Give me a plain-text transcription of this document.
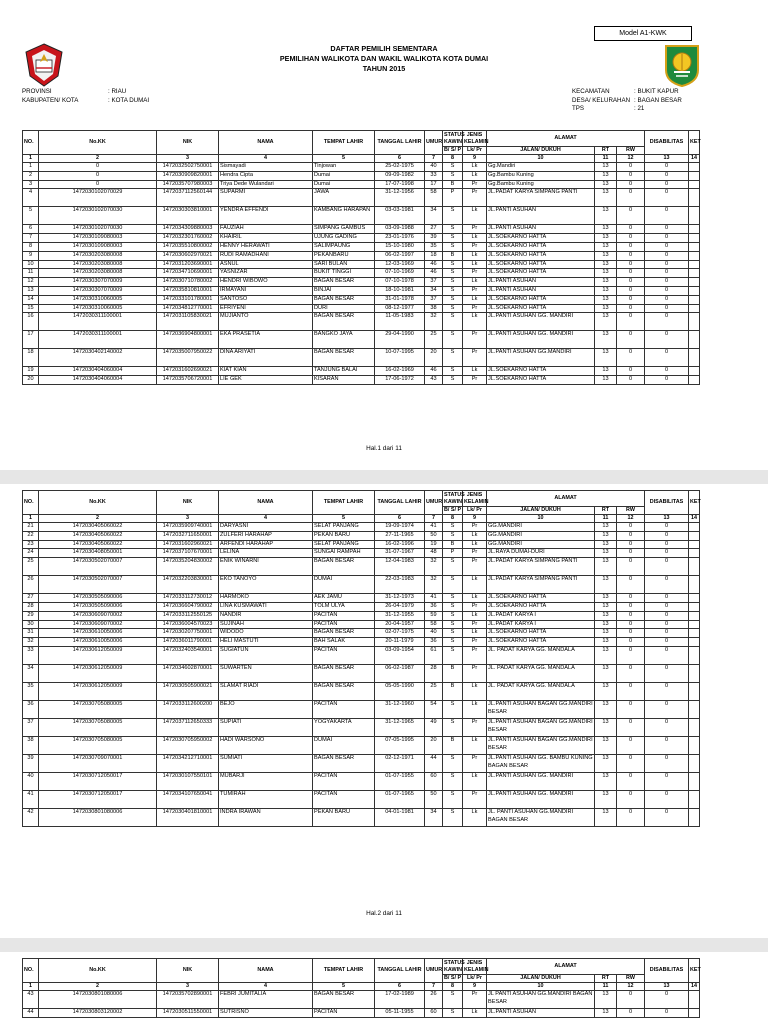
Model A1-KWK
DAFTAR PEMILIH SEMENTARA
PEMILIHAN WALIKOTA DAN WAKIL WALIKOTA KOTA DUMAI
TAHUN 2015
PROVINSI	: RIAU
KABUPATEN/ KOTA	: KOTA DUMAI
KECAMATAN	: BUKIT KAPUR
DESA/ KELURAHAN : BAGAN BESAR
TPS	: 21
NO.	No.KK	NIK	NAMA	TEMPAT LAHIR	TANGGAL LAHIR	UMUR	STATUS KAWIN	JENIS KELAMIN	ALAMAT			DISABILITAS	KET
							B/ S/ P	Lk/ Pr	JALAN/ DUKUH	RT	RW		
1	2	3	4	5	6	7	8	9	10	11	12	13	14
1	0	1472032502750001	Sismayadi	Tinjowan	25-02-1975	40	S	Lk	Gg.Mandiri	13	0	0	
2	0	1472030909820001	Hendra Cipta	Dumai	09-09-1982	33	S	Lk	Gg.Bambu Kuning	13	0	0	
3	0	1472035707980003	Triya Dede Wulandari	Dumai	17-07-1998	17	B	Pr	Gg.Bambu Kuning	13	0	0	
4	1472030102070029	1472037112560144	SUPARMI	JAWA	31-12-1956	58	P	Pr	JL.PADAT KARYA SIMPANG PANTI	13	0	0	
5	1472030102070030	1472030303810001	YENDRA EFFENDI	KAMBANG HARAPAN	03-03-1981	34	S	Lk	JL.PANTI ASUHAN	13	0	0	
6	1472030102070030	1472034309880003	FAUZIAH	SIMPANG GAMBUS	03-09-1988	27	S	Pr	JL.PANTI ASUHAN	13	0	0	
7	1472030109080003	1472032301760002	KHAIRIL	UJUNG GADING	23-01-1976	39	S	Lk	JL.SOEKARNO HATTA	13	0	0	
8	1472030109080003	1472035510800002	HENNY HERAWATI	SALIMPAUNG	15-10-1980	35	S	Pr	JL.SOEKARNO HATTA	13	0	0	
9	1472030203080008	1472030602970021	RUDI RAMADHANI	PEKANBARU	06-02-1997	18	B	Lk	JL.SOEKARNO HATTA	13	0	0	
10	1472030203080008	1472031203690001	ASNUL	SARI BULAN	12-03-1969	46	S	Lk	JL.SOEKARNO HATTA	13	0	0	
11	1472030203080008	1472034710690001	YASNIZAR	BUKIT TINGGI	07-10-1969	46	S	Pr	JL.SOEKARNO HATTA	13	0	0	
12	1472030307070009	1472030710780002	HENDRI WIBOWO	BAGAN BESAR	07-10-1978	37	S	Lk	JL.PANTI ASUHAN	13	0	0	
13	1472030307070009	1472035810810001	IRMAYANI	BINJAI	18-10-1981	34	S	Pr	JL.PANTI ASUHAN	13	0	0	
14	1472030310060005	1472033101780001	SANTOSO	BAGAN BESAR	31-01-1978	37	S	Lk	JL.SOEKARNO HATTA	13	0	0	
15	1472030310060005	1472034812770001	EFRIYENI	DURI	08-12-1977	38	S	Pr	JL.SOEKARNO HATTA	13	0	0	
16	1472030311100001	1472031105830021	MUJIANTO	BAGAN BESAR	11-05-1983	32	S	Lk	JL.PANTI ASUHAN GG. MANDIRI	13	0	0	
17	1472030311100001	1472036904800001	EKA PRASETIA	BANGKO JAYA	29-04-1990	25	S	Pr	JL.PANTI ASUHAN GG. MANDIRI	13	0	0	
18	1472030402140002	1472035007950022	DINA ARIYATI	BAGAN BESAR	10-07-1995	20	S	Pr	JL.PANTI ASUHAN GG.MANDIRI	13	0	0	
19	1472030404060004	1472031602690021	KIAT KIAN	TANJUNG BALAI	16-02-1969	46	S	Lk	JL.SOEKARNO HATTA	13	0	0	
20	1472030404060004	1472035706720001	LIE GEK	KISARAN	17-06-1972	43	S	Pr	JL.SOEKARNO HATTA	13	0	0	
Hal.1 dari 11
NO.	No.KK	NIK	NAMA	TEMPAT LAHIR	TANGGAL LAHIR	UMUR	STATUS KAWIN	JENIS KELAMIN	ALAMAT			DISABILITAS	KET
							B/ S/ P	Lk/ Pr	JALAN/ DUKUH	RT	RW		
1	2	3	4	5	6	7	8	9	10	11	12	13	14
21	1472030405060022	1472035909740001	DARYASNI	SELAT PANJANG	19-09-1974	41	S	Pr	GG.MANDIRI	13	0	0	
22	1472030405060022	1472032711650001	ZULFERI HARAHAP	PEKAN BARU	27-11-1965	50	S	Lk	GG.MANDIRI	13	0	0	
23	1472030405060022	1472031602960021	ARFENDI HARAHAP	SELAT PANJANG	16-02-1996	19	B	Lk	GG.MANDIRI	13	0	0	
24	1472030408050001	1472037107670001	LELINA	SUNGAI RAMPAH	31-07-1967	48	P	Pr	JL.RAYA DUMAI-DURI	13	0	0	
25	1472030502070007	1472035204830002	ENIK WINARNI	BAGAN BESAR	12-04-1983	32	S	Pr	JL.PADAT KARYA SIMPANG PANTI	13	0	0	
26	1472030502070007	1472032203830001	EKO TANOYO	DUMAI	22-03-1983	32	S	Lk	JL.PADAT KARYA SIMPANG PANTI	13	0	0	
27	1472030505090006	1472033112730012	HARMOKO	AEK JAMU	31-12-1973	41	S	Lk	JL.SOEKARNO HATTA	13	0	0	
28	1472030505090006	1472036604790002	LINA KUSMAWATI	TOLM ULYA	26-04-1979	36	S	Pr	JL.SOEKARNO HATTA	13	0	0	
29	1472030609070002	1472033112550125	NANDIR	PACITAN	31-12-1955	59	S	Lk	JL.PADAT KARYA I	13	0	0	
30	1472030609070002	1472036004570023	SUJINAH	PACITAN	20-04-1957	58	S	Pr	JL.PADAT KARYA I	13	0	0	
31	1472030610050006	1472030207750001	WIDODO	BAGAN BESAR	02-07-1975	40	S	Lk	JL.SOEKARNO HATTA	13	0	0	
32	1472030610050006	1472036011790001	HELI MASTUTI	BAH SALAK	20-11-1979	36	S	Pr	JL.SOEKARNO HATTA	13	0	0	
33	1472030612050009	1472032403540001	SUGIATUN	PACITAN	03-09-1954	61	S	Pr	JL. PADAT KARYA GG. MANDALA	13	0	0	
34	1472030612050009	1472034602870001	SUWARTEN	BAGAN BESAR	06-02-1987	28	B	Pr	JL. PADAT KARYA GG. MANDALA	13	0	0	
35	1472030612050009	1472030505900021	SLAMAT RIADI	BAGAN BESAR	05-05-1990	25	B	Lk	JL. PADAT KARYA GG. MANDALA	13	0	0	
36	1472030705080005	1472033112600200	BEJO	PACITAN	31-12-1960	54	S	Lk	JL.PANTI ASUHAN BAGAN GG.MANDIRI BESAR	13	0	0	
37	1472030705080005	1472037112650333	SUPIATI	YOGYAKARTA	31-12-1965	49	S	Pr	JL.PANTI ASUHAN BAGAN GG.MANDIRI BESAR	13	0	0	
38	1472030705080005	1472030705950002	HADI WARSONO	DUMAI	07-05-1995	20	B	Lk	JL.PANTI ASUHAN BAGAN GG.MANDIRI BESAR	13	0	0	
39	1472030709070001	1472034212710001	SUMIATI	BAGAN BESAR	02-12-1971	44	S	Pr	JL.PANTI ASUHAN GG. BAMBU KUNING BAGAN BESAR	13	0	0	
40	1472030712050017	1472030107550101	MUBARJI	PACITAN	01-07-1955	60	S	Lk	JL.PANTI ASUHAN GG. MANDIRI	13	0	0	
41	1472030712050017	1472034107650041	TUMIRAH	PACITAN	01-07-1965	50	S	Pr	JL.PANTI ASUHAN GG. MANDIRI	13	0	0	
42	1472030801080006	1472030401810001	INDRA IRAWAN	PEKAN BARU	04-01-1981	34	S	Lk	JL. PANTI ASUHAN GG.MANDIRI BAGAN BESAR	13	0	0	
Hal.2 dari 11
NO.	No.KK	NIK	NAMA	TEMPAT LAHIR	TANGGAL LAHIR	UMUR	STATUS KAWIN	JENIS KELAMIN	ALAMAT			DISABILITAS	KET
							B/ S/ P	Lk/ Pr	JALAN/ DUKUH	RT	RW		
1	2	3	4	5	6	7	8	9	10	11	12	13	14
43	1472030801080006	1472035702890001	FEBRI JUMITALIA	BAGAN BESAR	17-02-1989	26	S	Pr	JL PANTI ASUHAN GG.MANDIRI BAGAN BESAR	13	0	0	
44	1472030803120002	1472030511550001	SUTRISNO	PACITAN	05-11-1955	60	S	Lk	JL.PANTI ASUHAN	13	0	0	
